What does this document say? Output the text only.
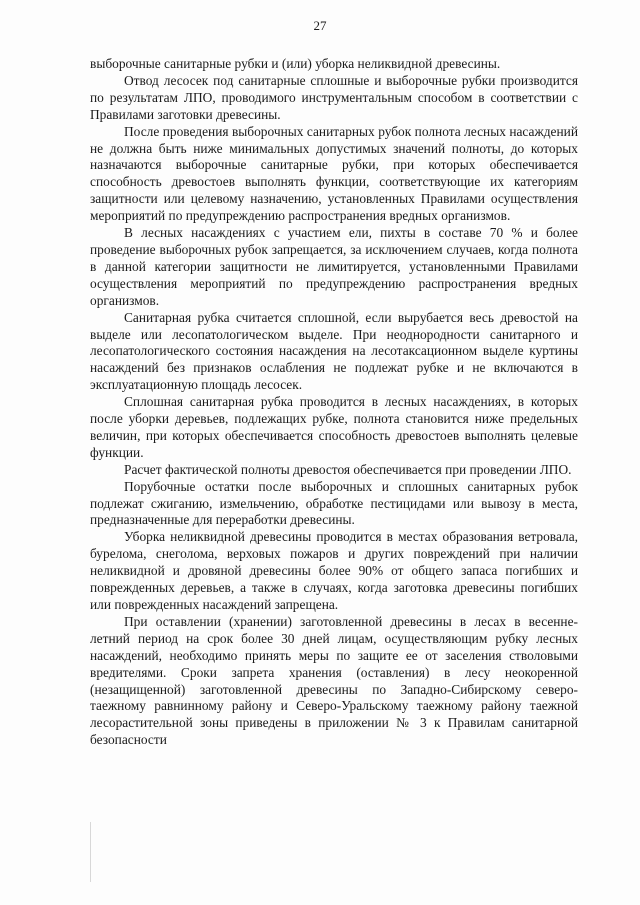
27

выборочные санитарные рубки и (или) уборка неликвидной древесины.

Отвод лесосек под санитарные сплошные и выборочные рубки производится по результатам ЛПО, проводимого инструментальным способом в соответствии с Правилами заготовки древесины.

После проведения выборочных санитарных рубок полнота лесных насаждений не должна быть ниже минимальных допустимых значений полноты, до которых назначаются выборочные санитарные рубки, при которых обеспечивается способность древостоев выполнять функции, соответствующие их категориям защитности или целевому назначению, установленных Правилами осуществления мероприятий по предупреждению распространения вредных организмов.

В лесных насаждениях с участием ели, пихты в составе 70 % и более проведение выборочных рубок запрещается, за исключением случаев, когда полнота в данной категории защитности не лимитируется, установленными Правилами осуществления мероприятий по предупреждению распространения вредных организмов.

Санитарная рубка считается сплошной, если вырубается весь древостой на выделе или лесопатологическом выделе. При неоднородности санитарного и лесопатологического состояния насаждения на лесотаксационном выделе куртины насаждений без признаков ослабления не подлежат рубке и не включаются в эксплуатационную площадь лесосек.

Сплошная санитарная рубка проводится в лесных насаждениях, в которых после уборки деревьев, подлежащих рубке, полнота становится ниже предельных величин, при которых обеспечивается способность древостоев выполнять целевые функции.

Расчет фактической полноты древостоя обеспечивается при проведении ЛПО.

Порубочные остатки после выборочных и сплошных санитарных рубок подлежат сжиганию, измельчению, обработке пестицидами или вывозу в места, предназначенные для переработки древесины.

Уборка неликвидной древесины проводится в местах образования ветровала, бурелома, снеголома, верховых пожаров и других повреждений при наличии неликвидной и дровяной древесины более 90% от общего запаса погибших и поврежденных деревьев, а также в случаях, когда заготовка древесины погибших или поврежденных насаждений запрещена.

При оставлении (хранении) заготовленной древесины в лесах в весенне-летний период на срок более 30 дней лицам, осуществляющим рубку лесных насаждений, необходимо принять меры по защите ее от заселения стволовыми вредителями. Сроки запрета хранения (оставления) в лесу неокоренной (незащищенной) заготовленной древесины по Западно-Сибирскому северо-таежному равнинному району и Северо-Уральскому таежному району таежной лесорастительной зоны приведены в приложении № 3 к Правилам санитарной безопасности
